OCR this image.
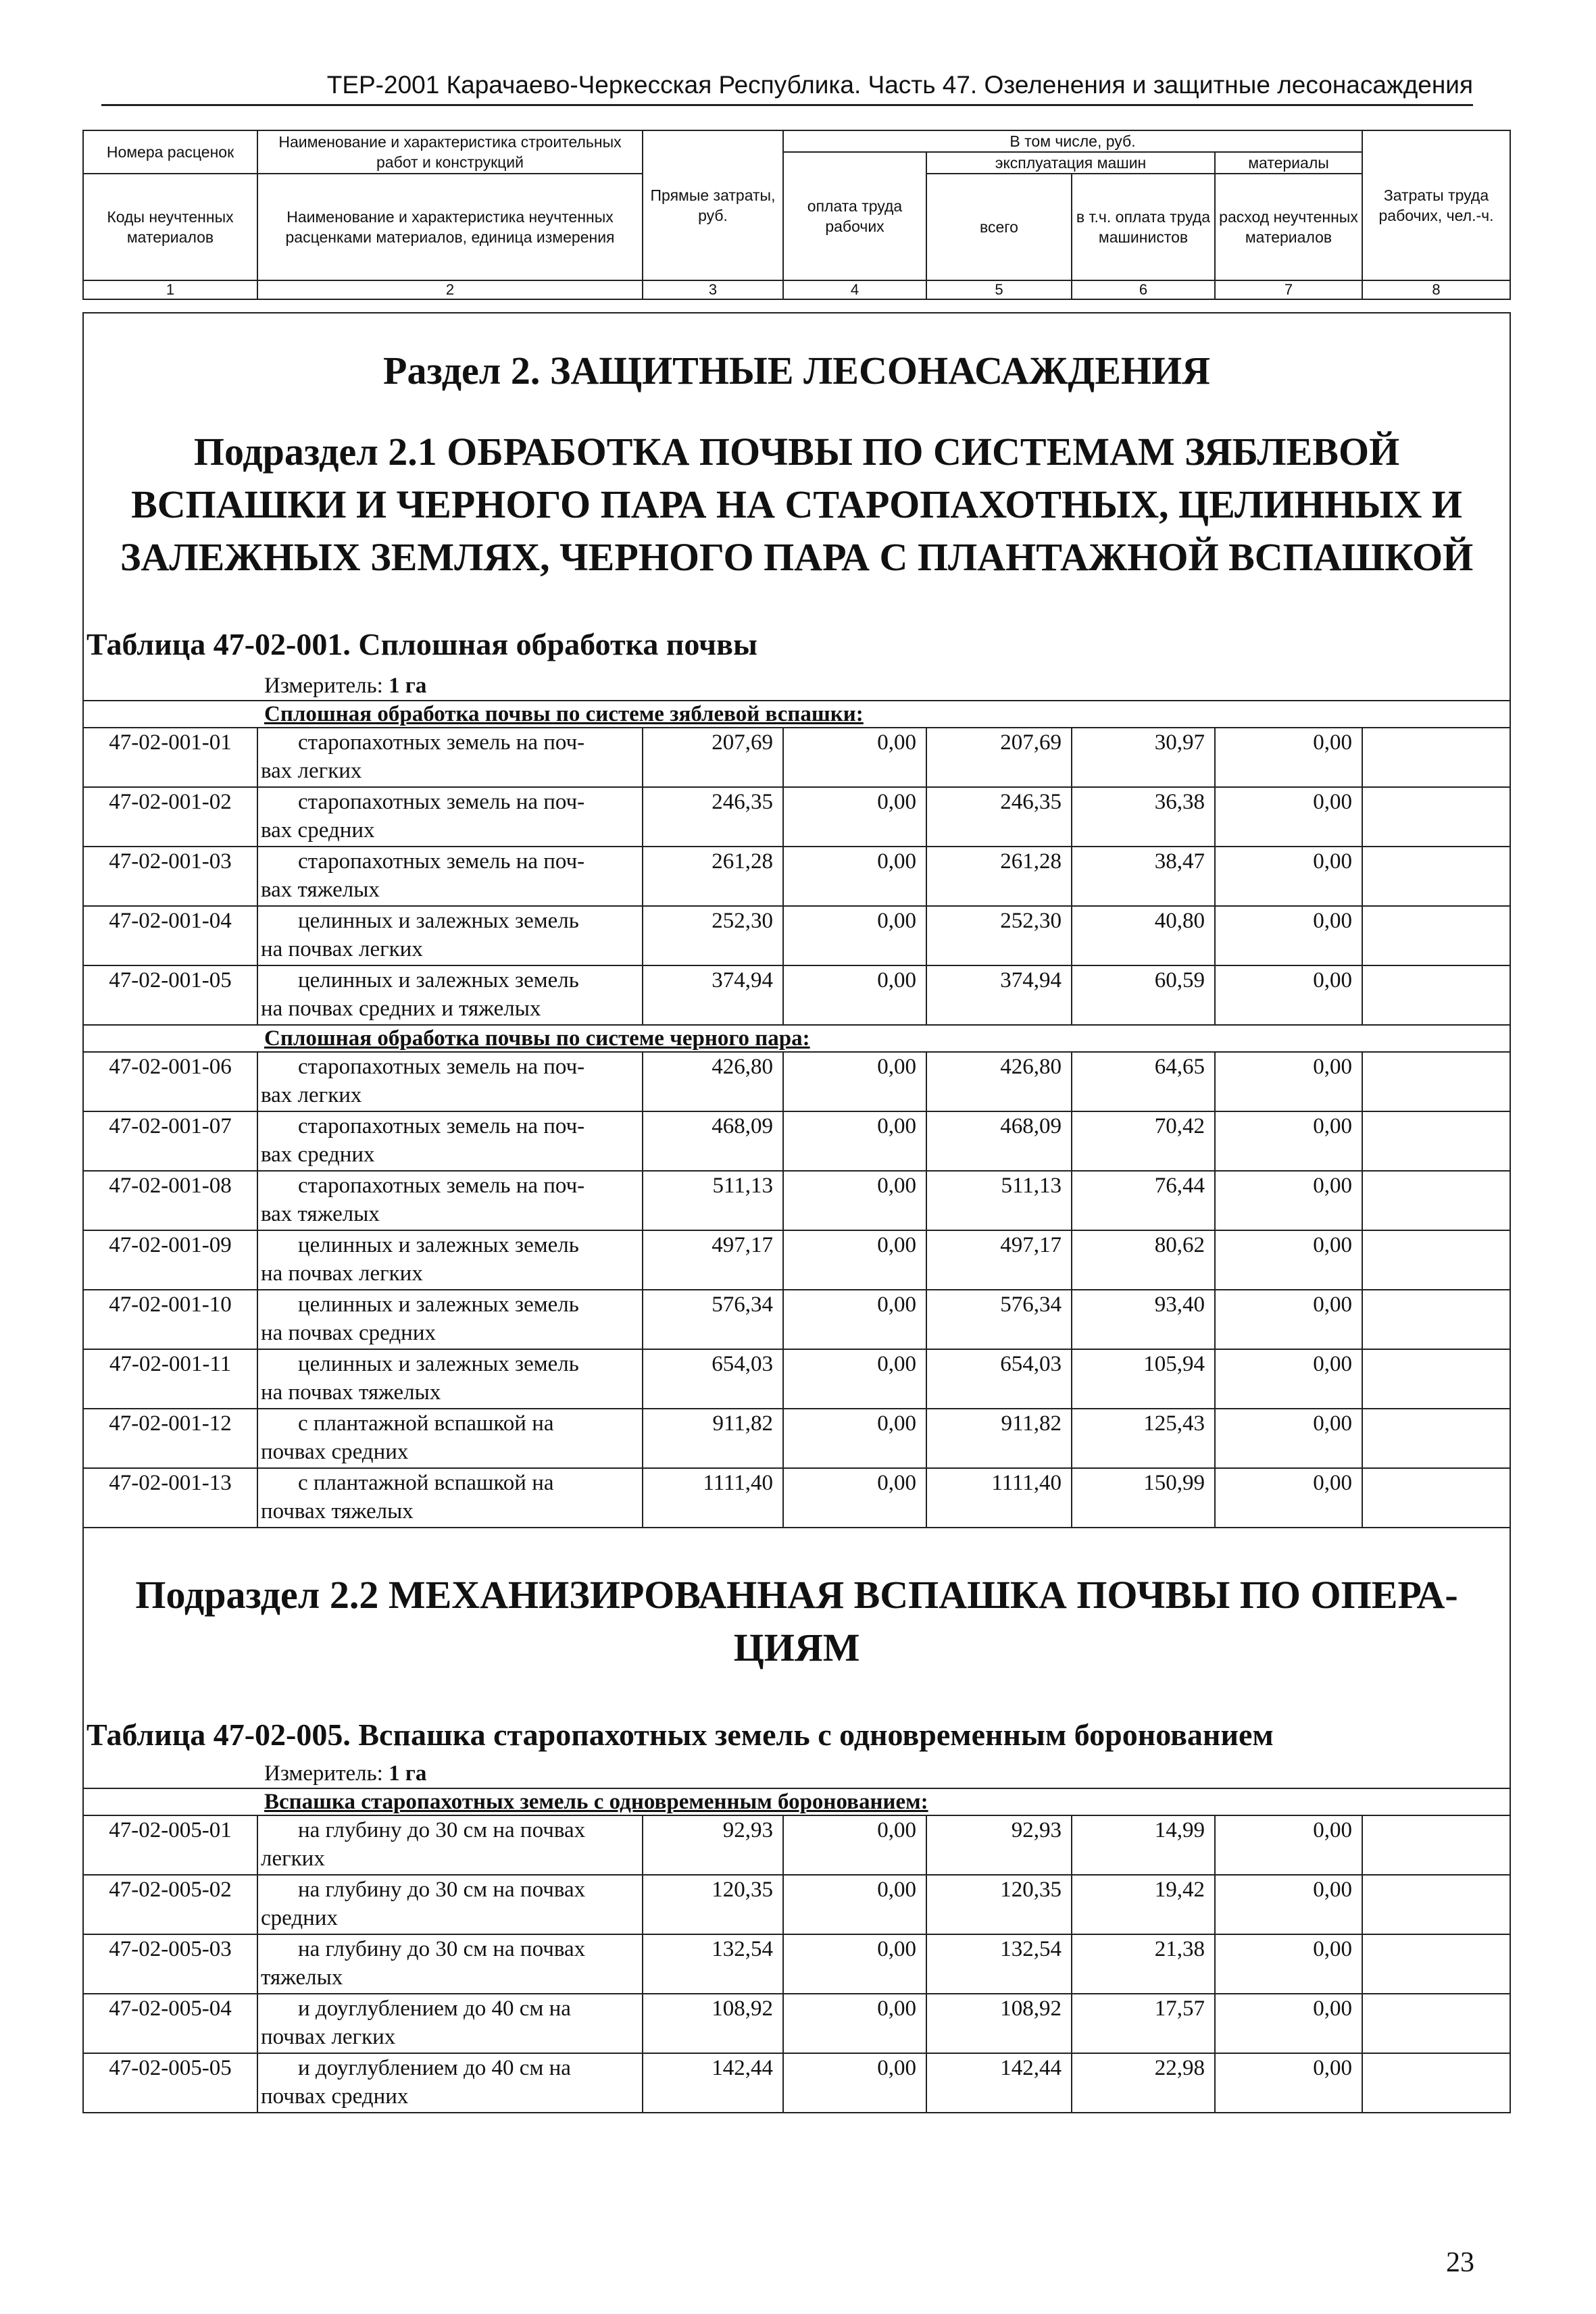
ТЕР-2001 Карачаево-Черкесская Республика. Часть 47. Озеленения и защитные лесонасаждения
Номера расценок	Наименование и характеристика строительных работ и конструкций	Прямые затраты, руб.	В том числе, руб.				Затраты труда рабочих, чел.-ч.
			оплата труда рабочих	эксплуатация машин		материалы	
Коды неучтенных материалов	Наименование и характеристика неучтенных расценками материалов, единица измерения			всего	в т.ч. оплата труда машинистов	расход неучтенных материалов	

1	2	3	4	5	6	7	8
Раздел 2. ЗАЩИТНЫЕ ЛЕСОНАСАЖДЕНИЯ
Подраздел 2.1 ОБРАБОТКА ПОЧВЫ ПО СИСТЕМАМ ЗЯБЛЕВОЙ ВСПАШКИ И ЧЕРНОГО ПАРА НА СТАРОПАХОТНЫХ, ЦЕЛИННЫХ И ЗАЛЕЖНЫХ ЗЕМЛЯХ, ЧЕРНОГО ПАРА С ПЛАНТАЖНОЙ ВСПАШКОЙ
Таблица 47-02-001. Сплошная обработка почвы							

Измеритель: 1 га							

Сплошная обработка почвы по системе зяблевой вспашки:							

47-02-001-01	старопахотных земель на поч-
вах легких	207,69	0,00	207,69	30,97	0,00	
47-02-001-02	старопахотных земель на поч-
вах средних	246,35	0,00	246,35	36,38	0,00	
47-02-001-03	старопахотных земель на поч-
вах тяжелых	261,28	0,00	261,28	38,47	0,00	
47-02-001-04	целинных и залежных земель
на почвах легких	252,30	0,00	252,30	40,80	0,00	
47-02-001-05	целинных и залежных земель
на почвах средних и тяжелых	374,94	0,00	374,94	60,59	0,00	

Сплошная обработка почвы по системе черного пара:							

47-02-001-06	старопахотных земель на поч-
вах легких	426,80	0,00	426,80	64,65	0,00	
47-02-001-07	старопахотных земель на поч-
вах средних	468,09	0,00	468,09	70,42	0,00	
47-02-001-08	старопахотных земель на поч-
вах тяжелых	511,13	0,00	511,13	76,44	0,00	
47-02-001-09	целинных и залежных земель
на почвах легких	497,17	0,00	497,17	80,62	0,00	
47-02-001-10	целинных и залежных земель
на почвах средних	576,34	0,00	576,34	93,40	0,00	
47-02-001-11	целинных и залежных земель
на почвах тяжелых	654,03	0,00	654,03	105,94	0,00	
47-02-001-12	с плантажной вспашкой на
почвах средних	911,82	0,00	911,82	125,43	0,00	
47-02-001-13	с плантажной вспашкой на
почвах тяжелых	1111,40	0,00	1111,40	150,99	0,00	

Подраздел 2.2 МЕХАНИЗИРОВАННАЯ ВСПАШКА ПОЧВЫ ПО ОПЕРА-ЦИЯМ
Таблица 47-02-005. Вспашка старопахотных земель с одновременным боронованием							

Измеритель: 1 га							

Вспашка старопахотных земель с одновременным боронованием:							

47-02-005-01	на глубину до 30 см на почвах
легких	92,93	0,00	92,93	14,99	0,00	
47-02-005-02	на глубину до 30 см на почвах
средних	120,35	0,00	120,35	19,42	0,00	
47-02-005-03	на глубину до 30 см на почвах
тяжелых	132,54	0,00	132,54	21,38	0,00	
47-02-005-04	и доуглублением до 40 см на
почвах легких	108,92	0,00	108,92	17,57	0,00	
47-02-005-05	и доуглублением до 40 см на
почвах средних	142,44	0,00	142,44	22,98	0,00	
23
